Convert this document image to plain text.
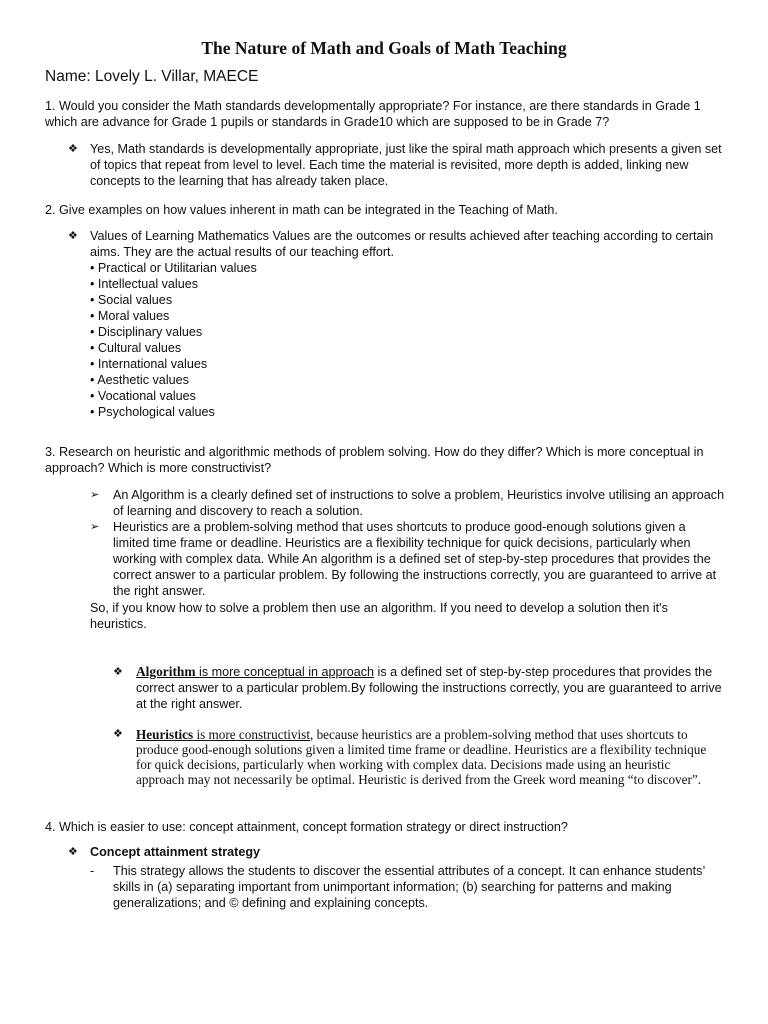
The Nature of Math and Goals of Math Teaching
Name: Lovely L. Villar, MAECE
1. Would you consider the Math standards developmentally appropriate? For instance, are there standards in Grade 1 which are advance for Grade 1 pupils or standards in Grade10 which are supposed to be in Grade 7?
❖ Yes, Math standards is developmentally appropriate, just like the spiral math approach which presents a given set of topics that repeat from level to level. Each time the material is revisited, more depth is added, linking new concepts to the learning that has already taken place.
2. Give examples on how values inherent in math can be integrated in the Teaching of Math.
❖ Values of Learning Mathematics Values are the outcomes or results achieved after teaching according to certain aims. They are the actual results of our teaching effort.

• Practical or Utilitarian values
• Intellectual values
• Social values
• Moral values
• Disciplinary values
• Cultural values
• International values
• Aesthetic values
• Vocational values
• Psychological values
3. Research on heuristic and algorithmic methods of problem solving. How do they differ? Which is more conceptual in approach? Which is more constructivist?
➢ An Algorithm is a clearly defined set of instructions to solve a problem, Heuristics involve utilising an approach of learning and discovery to reach a solution.
➢ Heuristics are a problem-solving method that uses shortcuts to produce good-enough solutions given a limited time frame or deadline. Heuristics are a flexibility technique for quick decisions, particularly when working with complex data. While An algorithm is a defined set of step-by-step procedures that provides the correct answer to a particular problem. By following the instructions correctly, you are guaranteed to arrive at the right answer.
So, if you know how to solve a problem then use an algorithm. If you need to develop a solution then it's heuristics.
❖ Algorithm is more conceptual in approach is a defined set of step-by-step procedures that provides the correct answer to a particular problem.By following the instructions correctly, you are guaranteed to arrive at the right answer.
❖ Heuristics is more constructivist, because heuristics are a problem-solving method that uses shortcuts to produce good-enough solutions given a limited time frame or deadline. Heuristics are a flexibility technique for quick decisions, particularly when working with complex data. Decisions made using an heuristic approach may not necessarily be optimal. Heuristic is derived from the Greek word meaning “to discover”.
4. Which is easier to use: concept attainment, concept formation strategy or direct instruction?
❖ Concept attainment strategy
- This strategy allows the students to discover the essential attributes of a concept. It can enhance students’ skills in (a) separating important from unimportant information; (b) searching for patterns and making generalizations; and © defining and explaining concepts.
